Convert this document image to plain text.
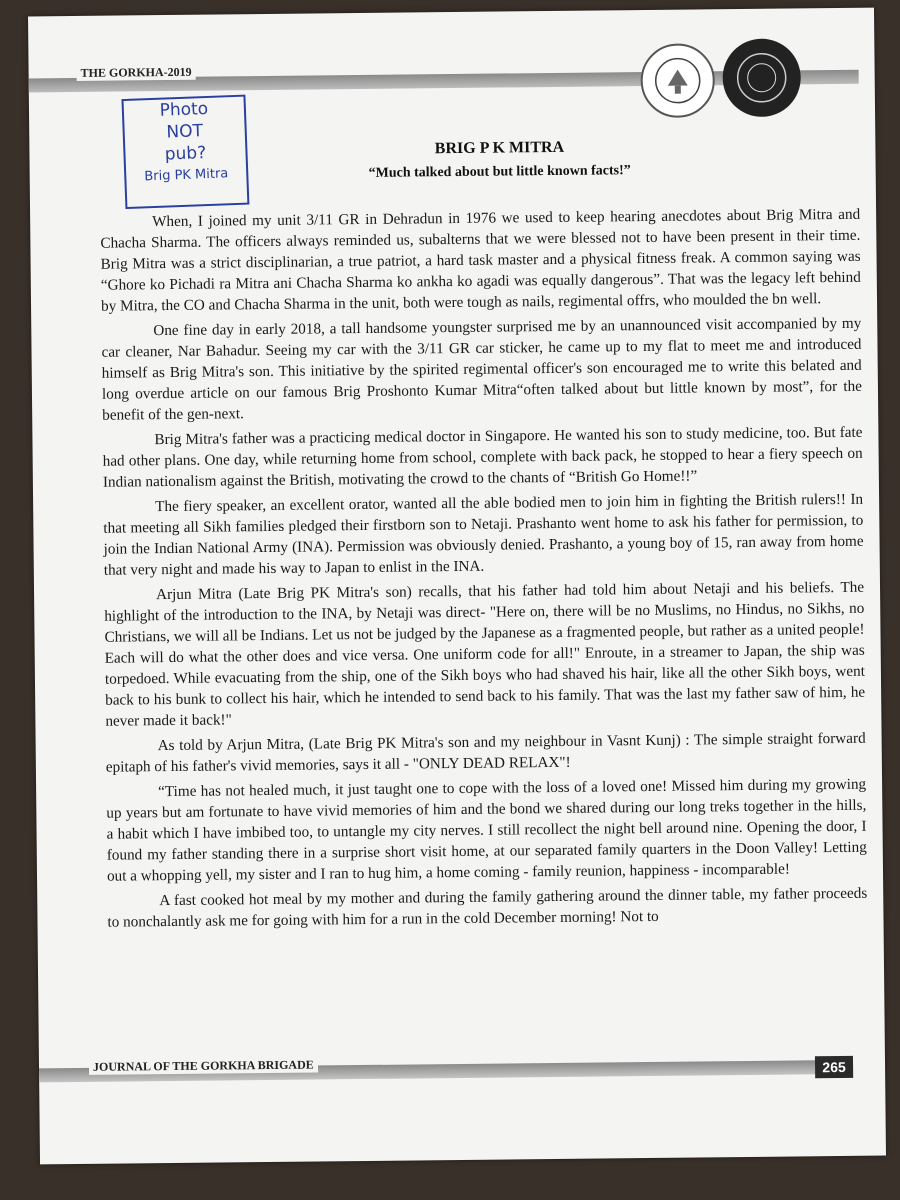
THE GORKHA-2019
Photo
NOT
pub?
Brig PK Mitra
BRIG P K MITRA
“Much talked about but little known facts!”

When, I joined my unit 3/11 GR in Dehradun in 1976 we used to keep hearing anecdotes about Brig Mitra and Chacha Sharma. The officers always reminded us, subalterns that we were blessed not to have been present in their time. Brig Mitra was a strict disciplinarian, a true patriot, a hard task master and a physical fitness freak. A common saying was “Ghore ko Pichadi ra Mitra ani Chacha Sharma ko ankha ko agadi was equally dangerous”. That was the legacy left behind by Mitra, the CO and Chacha Sharma in the unit, both were tough as nails, regimental offrs, who moulded the bn well.

One fine day in early 2018, a tall handsome youngster surprised me by an unannounced visit accompanied by my car cleaner, Nar Bahadur. Seeing my car with the 3/11 GR car sticker, he came up to my flat to meet me and introduced himself as Brig Mitra's son. This initiative by the spirited regimental officer's son encouraged me to write this belated and long overdue article on our famous Brig Proshonto Kumar Mitra“often talked about but little known by most”, for the benefit of the gen-next.

Brig Mitra's father was a practicing medical doctor in Singapore. He wanted his son to study medicine, too. But fate had other plans. One day, while returning home from school, complete with back pack, he stopped to hear a fiery speech on Indian nationalism against the British, motivating the crowd to the chants of “British Go Home!!”

The fiery speaker, an excellent orator, wanted all the able bodied men to join him in fighting the British rulers!! In that meeting all Sikh families pledged their firstborn son to Netaji. Prashanto went home to ask his father for permission, to join the Indian National Army (INA). Permission was obviously denied. Prashanto, a young boy of 15, ran away from home that very night and made his way to Japan to enlist in the INA.

Arjun Mitra (Late Brig PK Mitra's son) recalls, that his father had told him about Netaji and his beliefs. The highlight of the introduction to the INA, by Netaji was direct- "Here on, there will be no Muslims, no Hindus, no Sikhs, no Christians, we will all be Indians. Let us not be judged by the Japanese as a fragmented people, but rather as a united people! Each will do what the other does and vice versa. One uniform code for all!" Enroute, in a streamer to Japan, the ship was torpedoed. While evacuating from the ship, one of the Sikh boys who had shaved his hair, like all the other Sikh boys, went back to his bunk to collect his hair, which he intended to send back to his family. That was the last my father saw of him, he never made it back!"

As told by Arjun Mitra, (Late Brig PK Mitra's son and my neighbour in Vasnt Kunj) : The simple straight forward epitaph of his father's vivid memories, says it all - "ONLY DEAD RELAX"!

“Time has not healed much, it just taught one to cope with the loss of a loved one! Missed him during my growing up years but am fortunate to have vivid memories of him and the bond we shared during our long treks together in the hills, a habit which I have imbibed too, to untangle my city nerves. I still recollect the night bell around nine. Opening the door, I found my father standing there in a surprise short visit home, at our separated family quarters in the Doon Valley! Letting out a whopping yell, my sister and I ran to hug him, a home coming - family reunion, happiness - incomparable!

A fast cooked hot meal by my mother and during the family gathering around the dinner table, my father proceeds to nonchalantly ask me for going with him for a run in the cold December morning! Not to

JOURNAL OF THE GORKHA BRIGADE	265
